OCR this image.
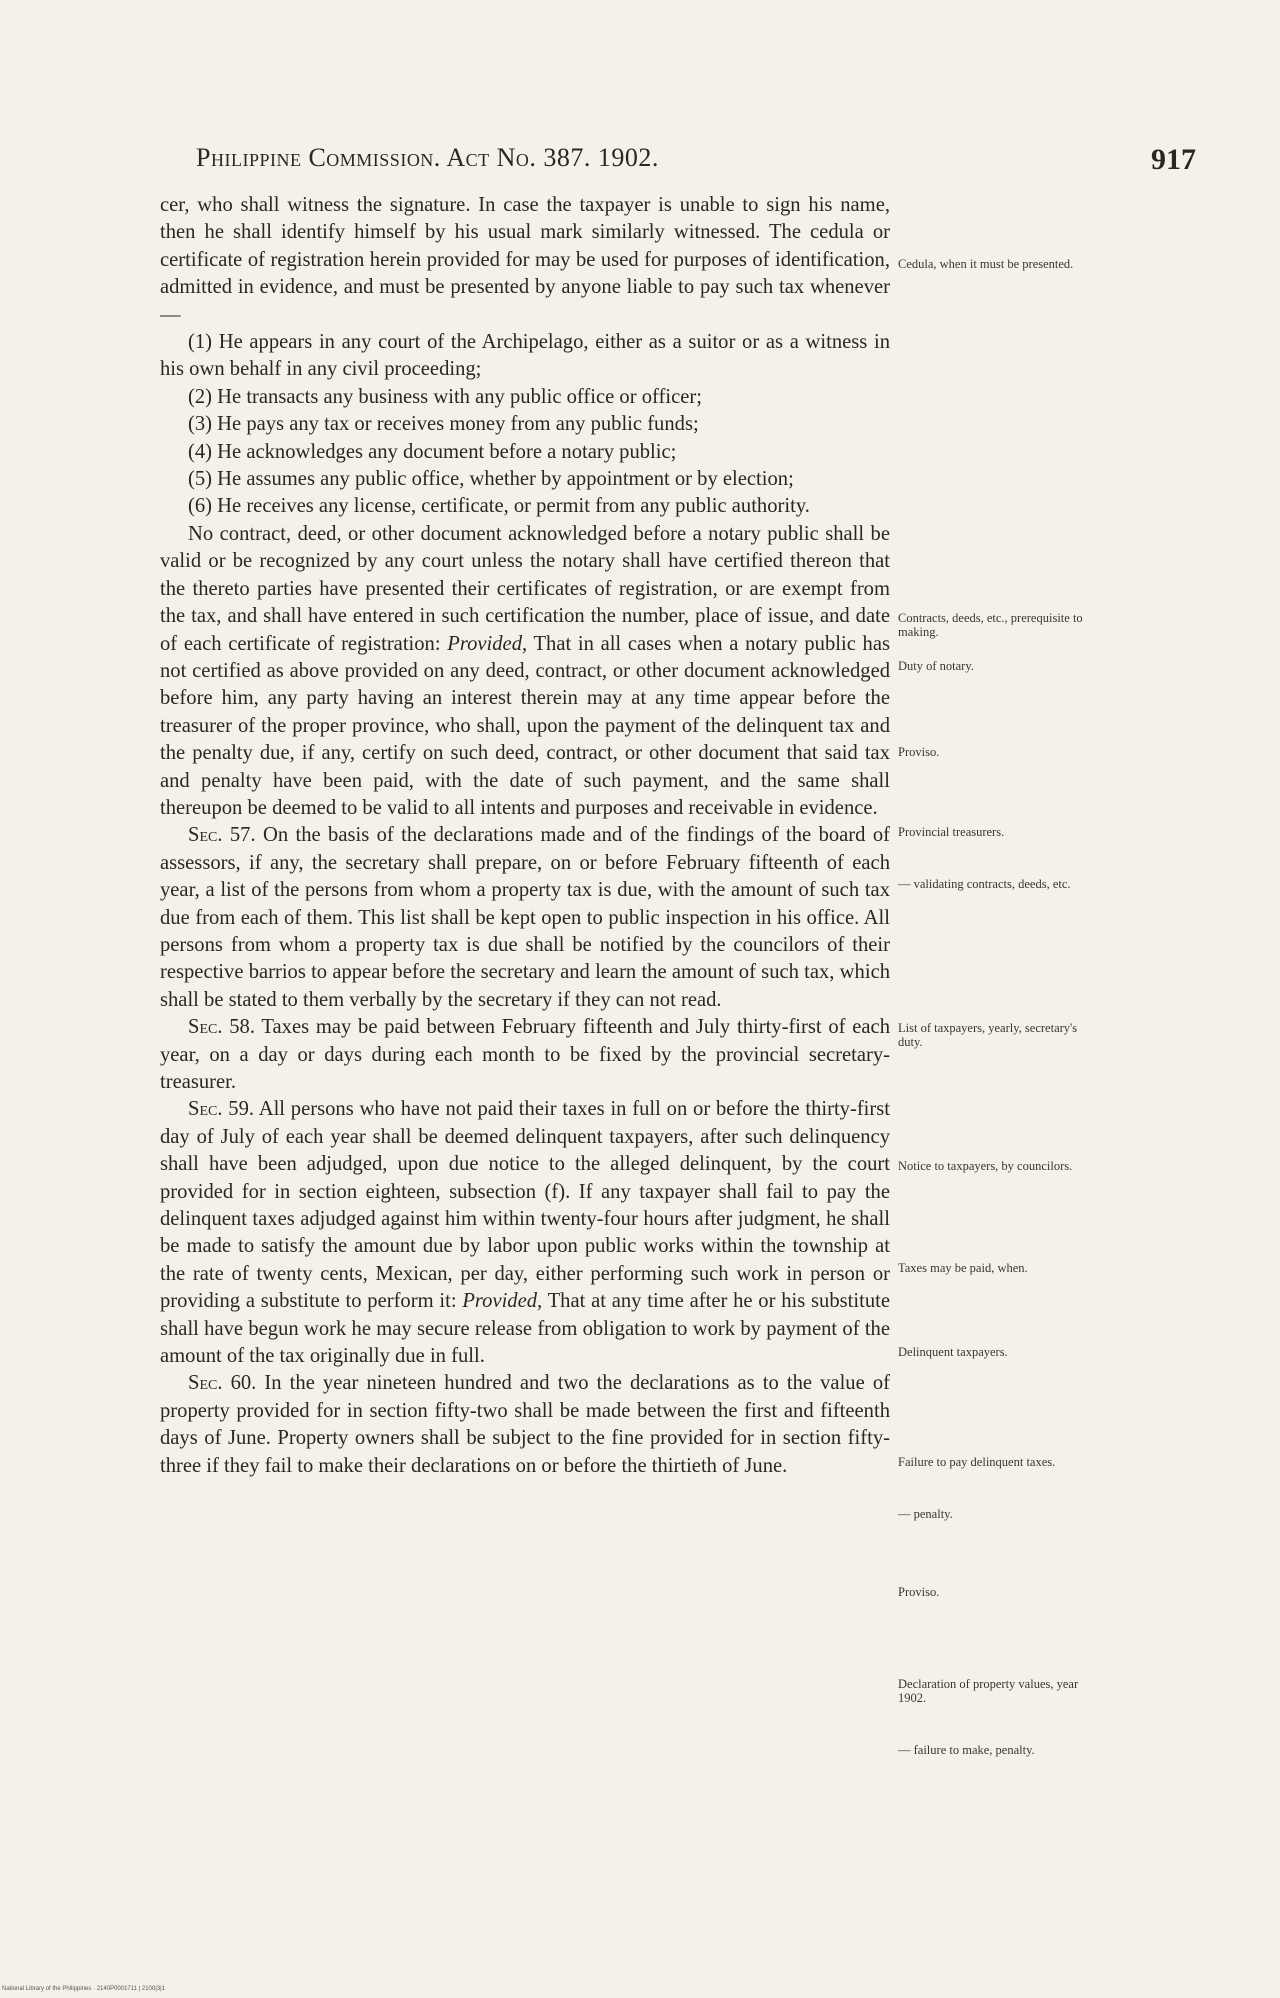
Philippine Commission. Act No. 387. 1902.	917

cer, who shall witness the signature. In case the taxpayer is unable to sign his name, then he shall identify himself by his usual mark similarly witnessed. The cedula or certificate of registration herein provided for may be used for purposes of identification, admitted in evidence, and must be presented by anyone liable to pay such tax whenever—

(1) He appears in any court of the Archipelago, either as a suitor or as a witness in his own behalf in any civil proceeding;

(2) He transacts any business with any public office or officer;

(3) He pays any tax or receives money from any public funds;

(4) He acknowledges any document before a notary public;

(5) He assumes any public office, whether by appointment or by election;

(6) He receives any license, certificate, or permit from any public authority.

No contract, deed, or other document acknowledged before a notary public shall be valid or be recognized by any court unless the notary shall have certified thereon that the thereto parties have presented their certificates of registration, or are exempt from the tax, and shall have entered in such certification the number, place of issue, and date of each certificate of registration: Provided, That in all cases when a notary public has not certified as above provided on any deed, contract, or other document acknowledged before him, any party having an interest therein may at any time appear before the treasurer of the proper province, who shall, upon the payment of the delinquent tax and the penalty due, if any, certify on such deed, contract, or other document that said tax and penalty have been paid, with the date of such payment, and the same shall thereupon be deemed to be valid to all intents and purposes and receivable in evidence.

Sec. 57. On the basis of the declarations made and of the findings of the board of assessors, if any, the secretary shall prepare, on or before February fifteenth of each year, a list of the persons from whom a property tax is due, with the amount of such tax due from each of them. This list shall be kept open to public inspection in his office. All persons from whom a property tax is due shall be notified by the councilors of their respective barrios to appear before the secretary and learn the amount of such tax, which shall be stated to them verbally by the secretary if they can not read.

Sec. 58. Taxes may be paid between February fifteenth and July thirty-first of each year, on a day or days during each month to be fixed by the provincial secretary-treasurer.

Sec. 59. All persons who have not paid their taxes in full on or before the thirty-first day of July of each year shall be deemed delinquent taxpayers, after such delinquency shall have been adjudged, upon due notice to the alleged delinquent, by the court provided for in section eighteen, subsection (f). If any taxpayer shall fail to pay the delinquent taxes adjudged against him within twenty-four hours after judgment, he shall be made to satisfy the amount due by labor upon public works within the township at the rate of twenty cents, Mexican, per day, either performing such work in person or providing a substitute to perform it: Provided, That at any time after he or his substitute shall have begun work he may secure release from obligation to work by payment of the amount of the tax originally due in full.

Sec. 60. In the year nineteen hundred and two the declarations as to the value of property provided for in section fifty-two shall be made between the first and fifteenth days of June. Property owners shall be subject to the fine provided for in section fifty-three if they fail to make their declarations on or before the thirtieth of June.

Cedula, when it must be presented.
Contracts, deeds, etc., prerequisite to making.
Duty of notary.
Proviso.
Provincial treasurers.
— validating contracts, deeds, etc.
List of taxpayers, yearly, secretary's duty.
Notice to taxpayers, by councilors.
Taxes may be paid, when.
Delinquent taxpayers.
Failure to pay delinquent taxes.
— penalty.
Proviso.
Declaration of property values, year 1902.
— failure to make, penalty.
National Library of the Philippines · 2140P0001711 | 2100|3|1
